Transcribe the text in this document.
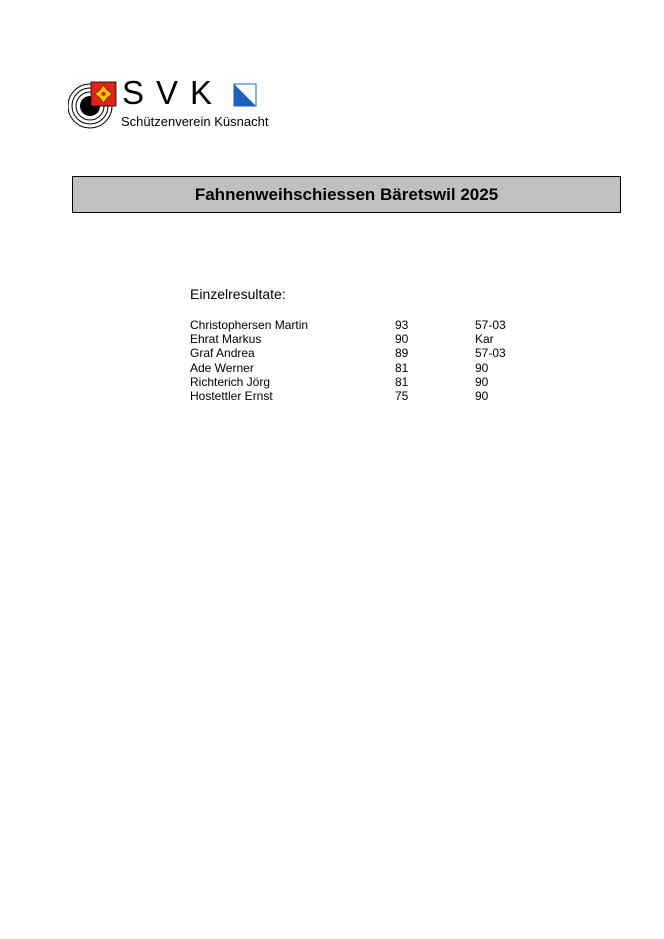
SVK
Schützenverein Küsnacht
Fahnenweihschiessen Bäretswil 2025
Einzelresultate:
Christophersen Martin	93	57-03
Ehrat Markus	90	Kar
Graf Andrea	89	57-03
Ade Werner	81	90
Richterich Jörg	81	90
Hostettler Ernst	75	90
